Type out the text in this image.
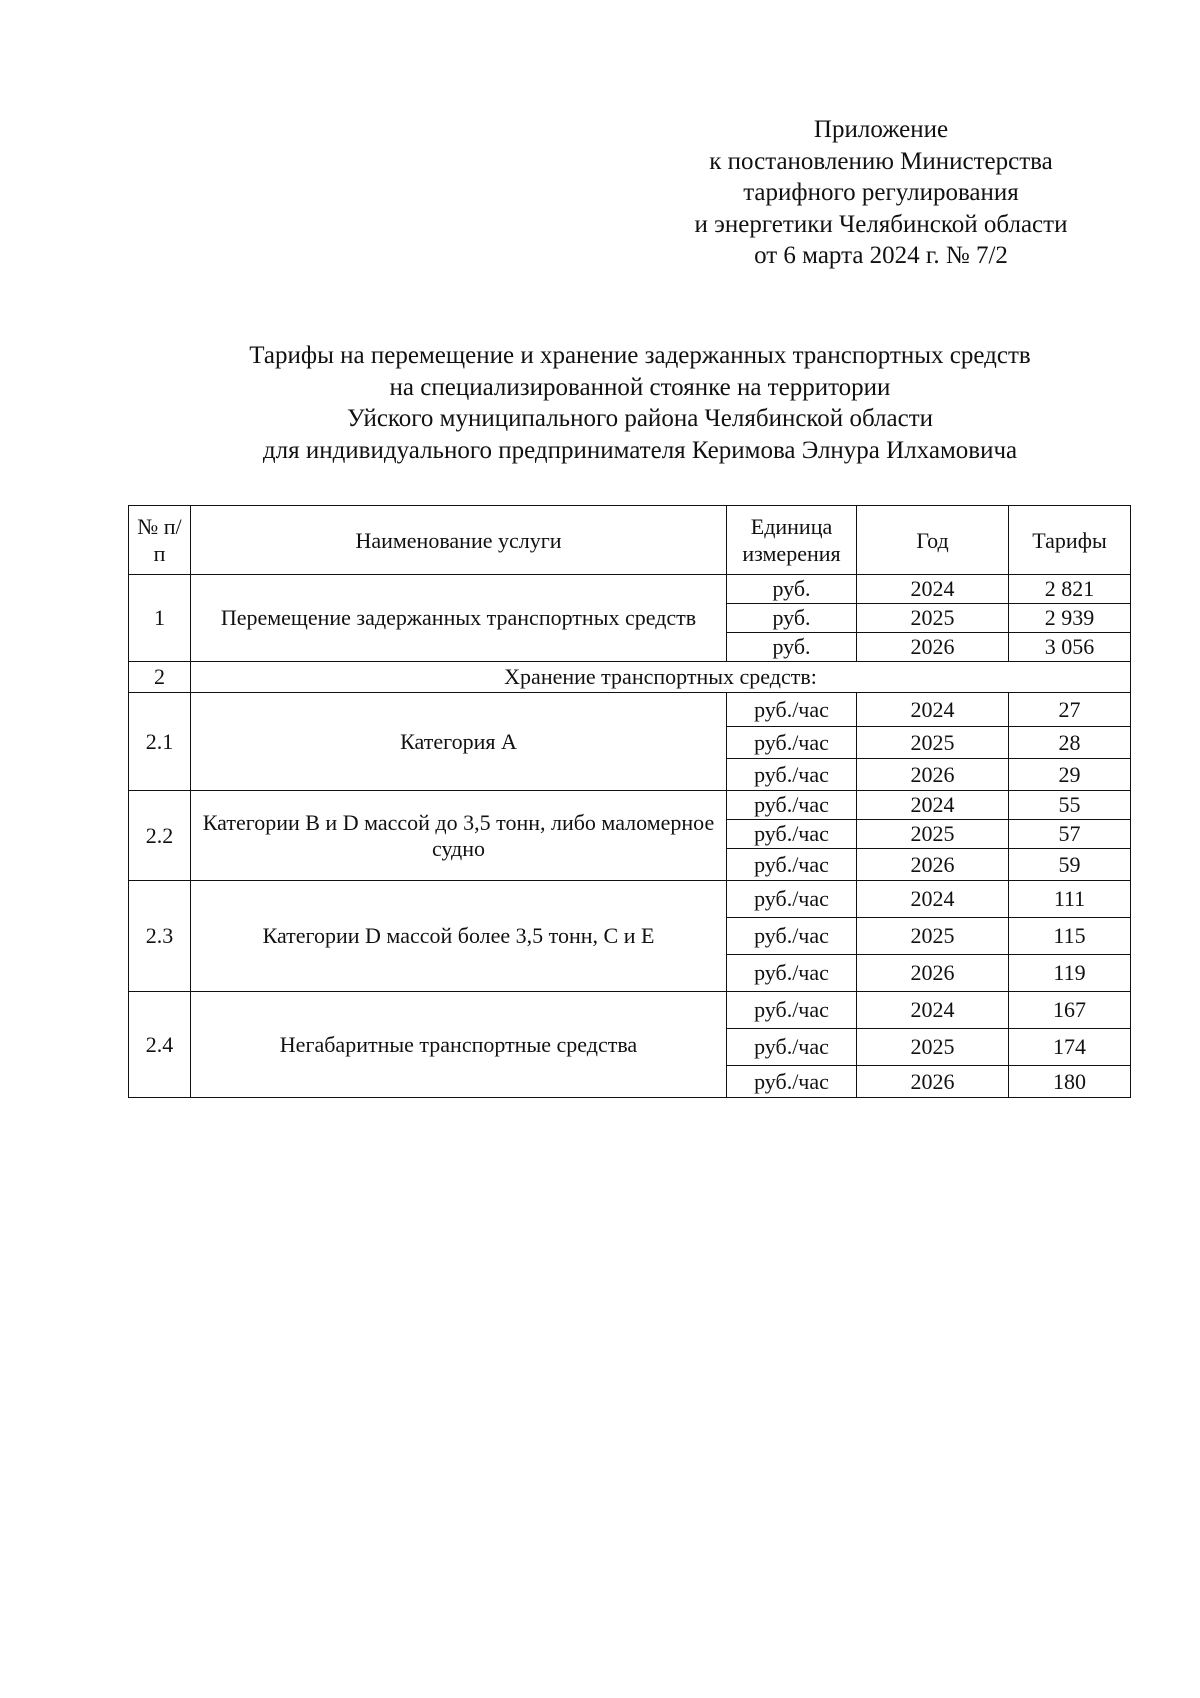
Приложение
к постановлению Министерства
тарифного регулирования
и энергетики Челябинской области
от 6 марта 2024 г. № 7/2
Тарифы на перемещение и хранение задержанных транспортных средств
на специализированной стоянке на территории
Уйского муниципального района Челябинской области
для индивидуального предпринимателя Керимова Элнура Илхамовича
№ п/п	Наименование услуги	Единица измерения	Год	Тарифы
1	Перемещение задержанных транспортных средств	руб.	2024	2 821
		руб.	2025	2 939
		руб.	2026	3 056
2	Хранение транспортных средств:			
2.1	Категория А	руб./час	2024	27
		руб./час	2025	28
		руб./час	2026	29
2.2	Категории В и D массой до 3,5 тонн, либо маломерное судно	руб./час	2024	55
		руб./час	2025	57
		руб./час	2026	59
2.3	Категории D массой более 3,5 тонн, С и Е	руб./час	2024	111
		руб./час	2025	115
		руб./час	2026	119
2.4	Негабаритные транспортные средства	руб./час	2024	167
		руб./час	2025	174
		руб./час	2026	180
